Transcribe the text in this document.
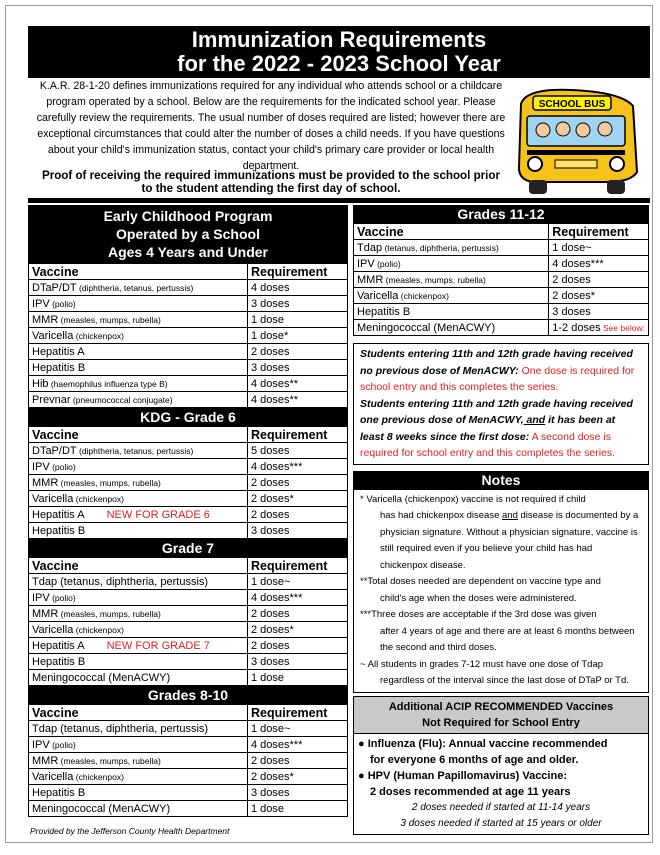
Immunization Requirements
for the 2022 - 2023 School Year
K.A.R. 28-1-20 defines immunizations required for any individual who attends school or a childcare program operated by a school. Below are the requirements for the indicated school year. Please carefully review the requirements. The usual number of doses required are listed; however there are exceptional circumstances that could alter the number of doses a child needs. If you have questions about your child's immunization status, contact your child's primary care provider or local health department.
Proof of receiving the required immunizations must be provided to the school prior to the student attending the first day of school.
SCHOOL BUS
Early Childhood Program
Operated by a School
Ages 4 Years and Under
Vaccine	Requirement
DTaP/DT (diphtheria, tetanus, pertussis)	4 doses
IPV (polio)	3 doses
MMR (measles, mumps, rubella)	1 dose
Varicella (chickenpox)	1 dose*
Hepatitis A	2 doses
Hepatitis B	3 doses
Hib (haemophilus influenza type B)	4 doses**
Prevnar (pneumococcal conjugate)	4 doses**
KDG - Grade 6
Vaccine	Requirement
DTaP/DT (diphtheria, tetanus, pertussis)	5 doses
IPV (polio)	4 doses***
MMR (measles, mumps, rubella)	2 doses
Varicella (chickenpox)	2 doses*
Hepatitis A NEW FOR GRADE 6	2 doses
Hepatitis B	3 doses
Grade 7
Vaccine	Requirement
Tdap (tetanus, diphtheria, pertussis)	1 dose~
IPV (polio)	4 doses***
MMR (measles, mumps, rubella)	2 doses
Varicella (chickenpox)	2 doses*
Hepatitis A NEW FOR GRADE 7	2 doses
Hepatitis B	3 doses
Meningococcal (MenACWY)	1 dose
Grades 8-10
Vaccine	Requirement
Tdap (tetanus, diphtheria, pertussis)	1 dose~
IPV (polio)	4 doses***
MMR (measles, mumps, rubella)	2 doses
Varicella (chickenpox)	2 doses*
Hepatitis B	3 doses
Meningococcal (MenACWY)	1 dose
Grades 11-12
Vaccine	Requirement
Tdap (tetanus, diphtheria, pertussis)	1 dose~
IPV (polio)	4 doses***
MMR (measles, mumps, rubella)	2 doses
Varicella (chickenpox)	2 doses*
Hepatitis B	3 doses
Meningococcal (MenACWY)	1-2 doses See below:
Students entering 11th and 12th grade having received no previous dose of MenACWY: One dose is required for school entry and this completes the series.
Students entering 11th and 12th grade having received one previous dose of MenACWY, and it has been at least 8 weeks since the first dose: A second dose is required for school entry and this completes the series.
Notes

* Varicella (chickenpox) vaccine is not required if child

has had chickenpox disease and disease is documented by a physician signature. Without a physician signature, vaccine is still required even if you believe your child has had chickenpox disease.

**Total doses needed are dependent on vaccine type and

child's age when the doses were administered.

***Three doses are acceptable if the 3rd dose was given

after 4 years of age and there are at least 6 months between the second and third doses.

~ All students in grades 7-12 must have one dose of Tdap

regardless of the interval since the last dose of DTaP or Td.

Additional ACIP RECOMMENDED Vaccines
Not Required for School Entry
● Influenza (Flu): Annual vaccine recommended
for everyone 6 months of age and older.
● HPV (Human Papillomavirus) Vaccine:
2 doses recommended at age 11 years
2 doses needed if started at 11-14 years
3 doses needed if started at 15 years or older
Provided by the Jefferson County Health Department
